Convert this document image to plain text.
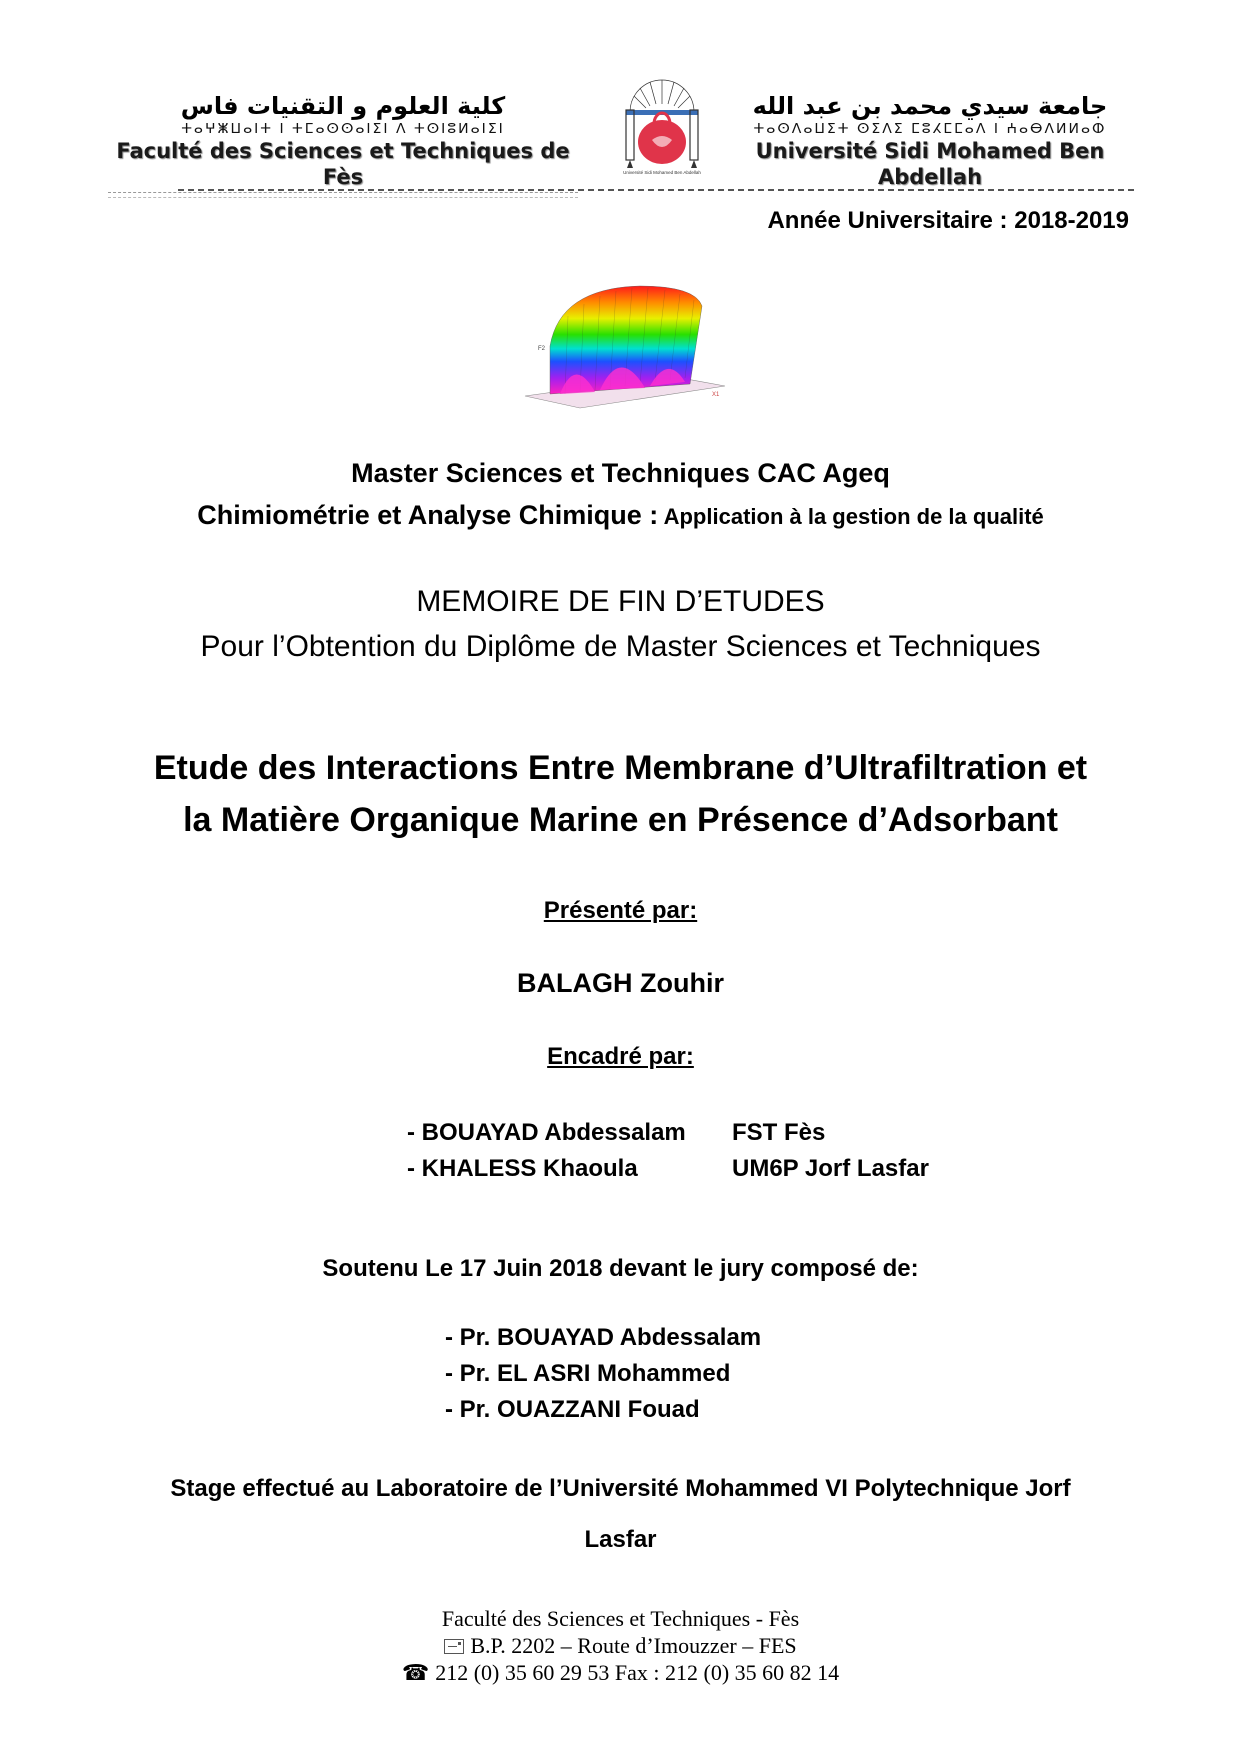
كلية العلوم و التقنيات فاس
ⵜⴰⵖⵥⵡⴰⵏⵜ ⵏ ⵜⵎⴰⵙⵙⴰⵏⵉⵏ ⴷ ⵜⵙⵏⵓⵍⴰⵏⵉⵏ
Faculté des Sciences et Techniques de Fès	Université Sidi Mohamed Ben Abdellah
جامعة سيدي محمد بن عبد الله
ⵜⴰⵙⴷⴰⵡⵉⵜ ⵙⵉⴷⵉ ⵎⵓⵃⵎⵎⴰⴷ ⵏ ⵄⴰⴱⴷⵍⵍⴰⵀ
Université Sidi Mohamed Ben Abdellah
Année Universitaire : 2018-2019
F2
X1
Master Sciences et Techniques CAC Ageq
Chimiométrie et Analyse Chimique : Application à la gestion de la qualité
MEMOIRE DE FIN D’ETUDES
Pour l’Obtention du Diplôme de Master Sciences et Techniques
Etude des Interactions Entre Membrane d’Ultrafiltration et
la Matière Organique Marine en Présence d’Adsorbant
Présenté par:
BALAGH Zouhir
Encadré par:
- BOUAYAD Abdessalam	FST Fès
- KHALESS Khaoula	UM6P Jorf Lasfar
Soutenu Le 17 Juin 2018 devant le jury composé de:
- Pr. BOUAYAD Abdessalam
- Pr. EL ASRI Mohammed
- Pr. OUAZZANI Fouad
Stage effectué au Laboratoire de l’Université Mohammed VI Polytechnique Jorf
Lasfar
Faculté des Sciences et Techniques - Fès
B.P. 2202 – Route d’Imouzzer – FES
☎ 212 (0) 35 60 29 53 Fax : 212 (0) 35 60 82 14
